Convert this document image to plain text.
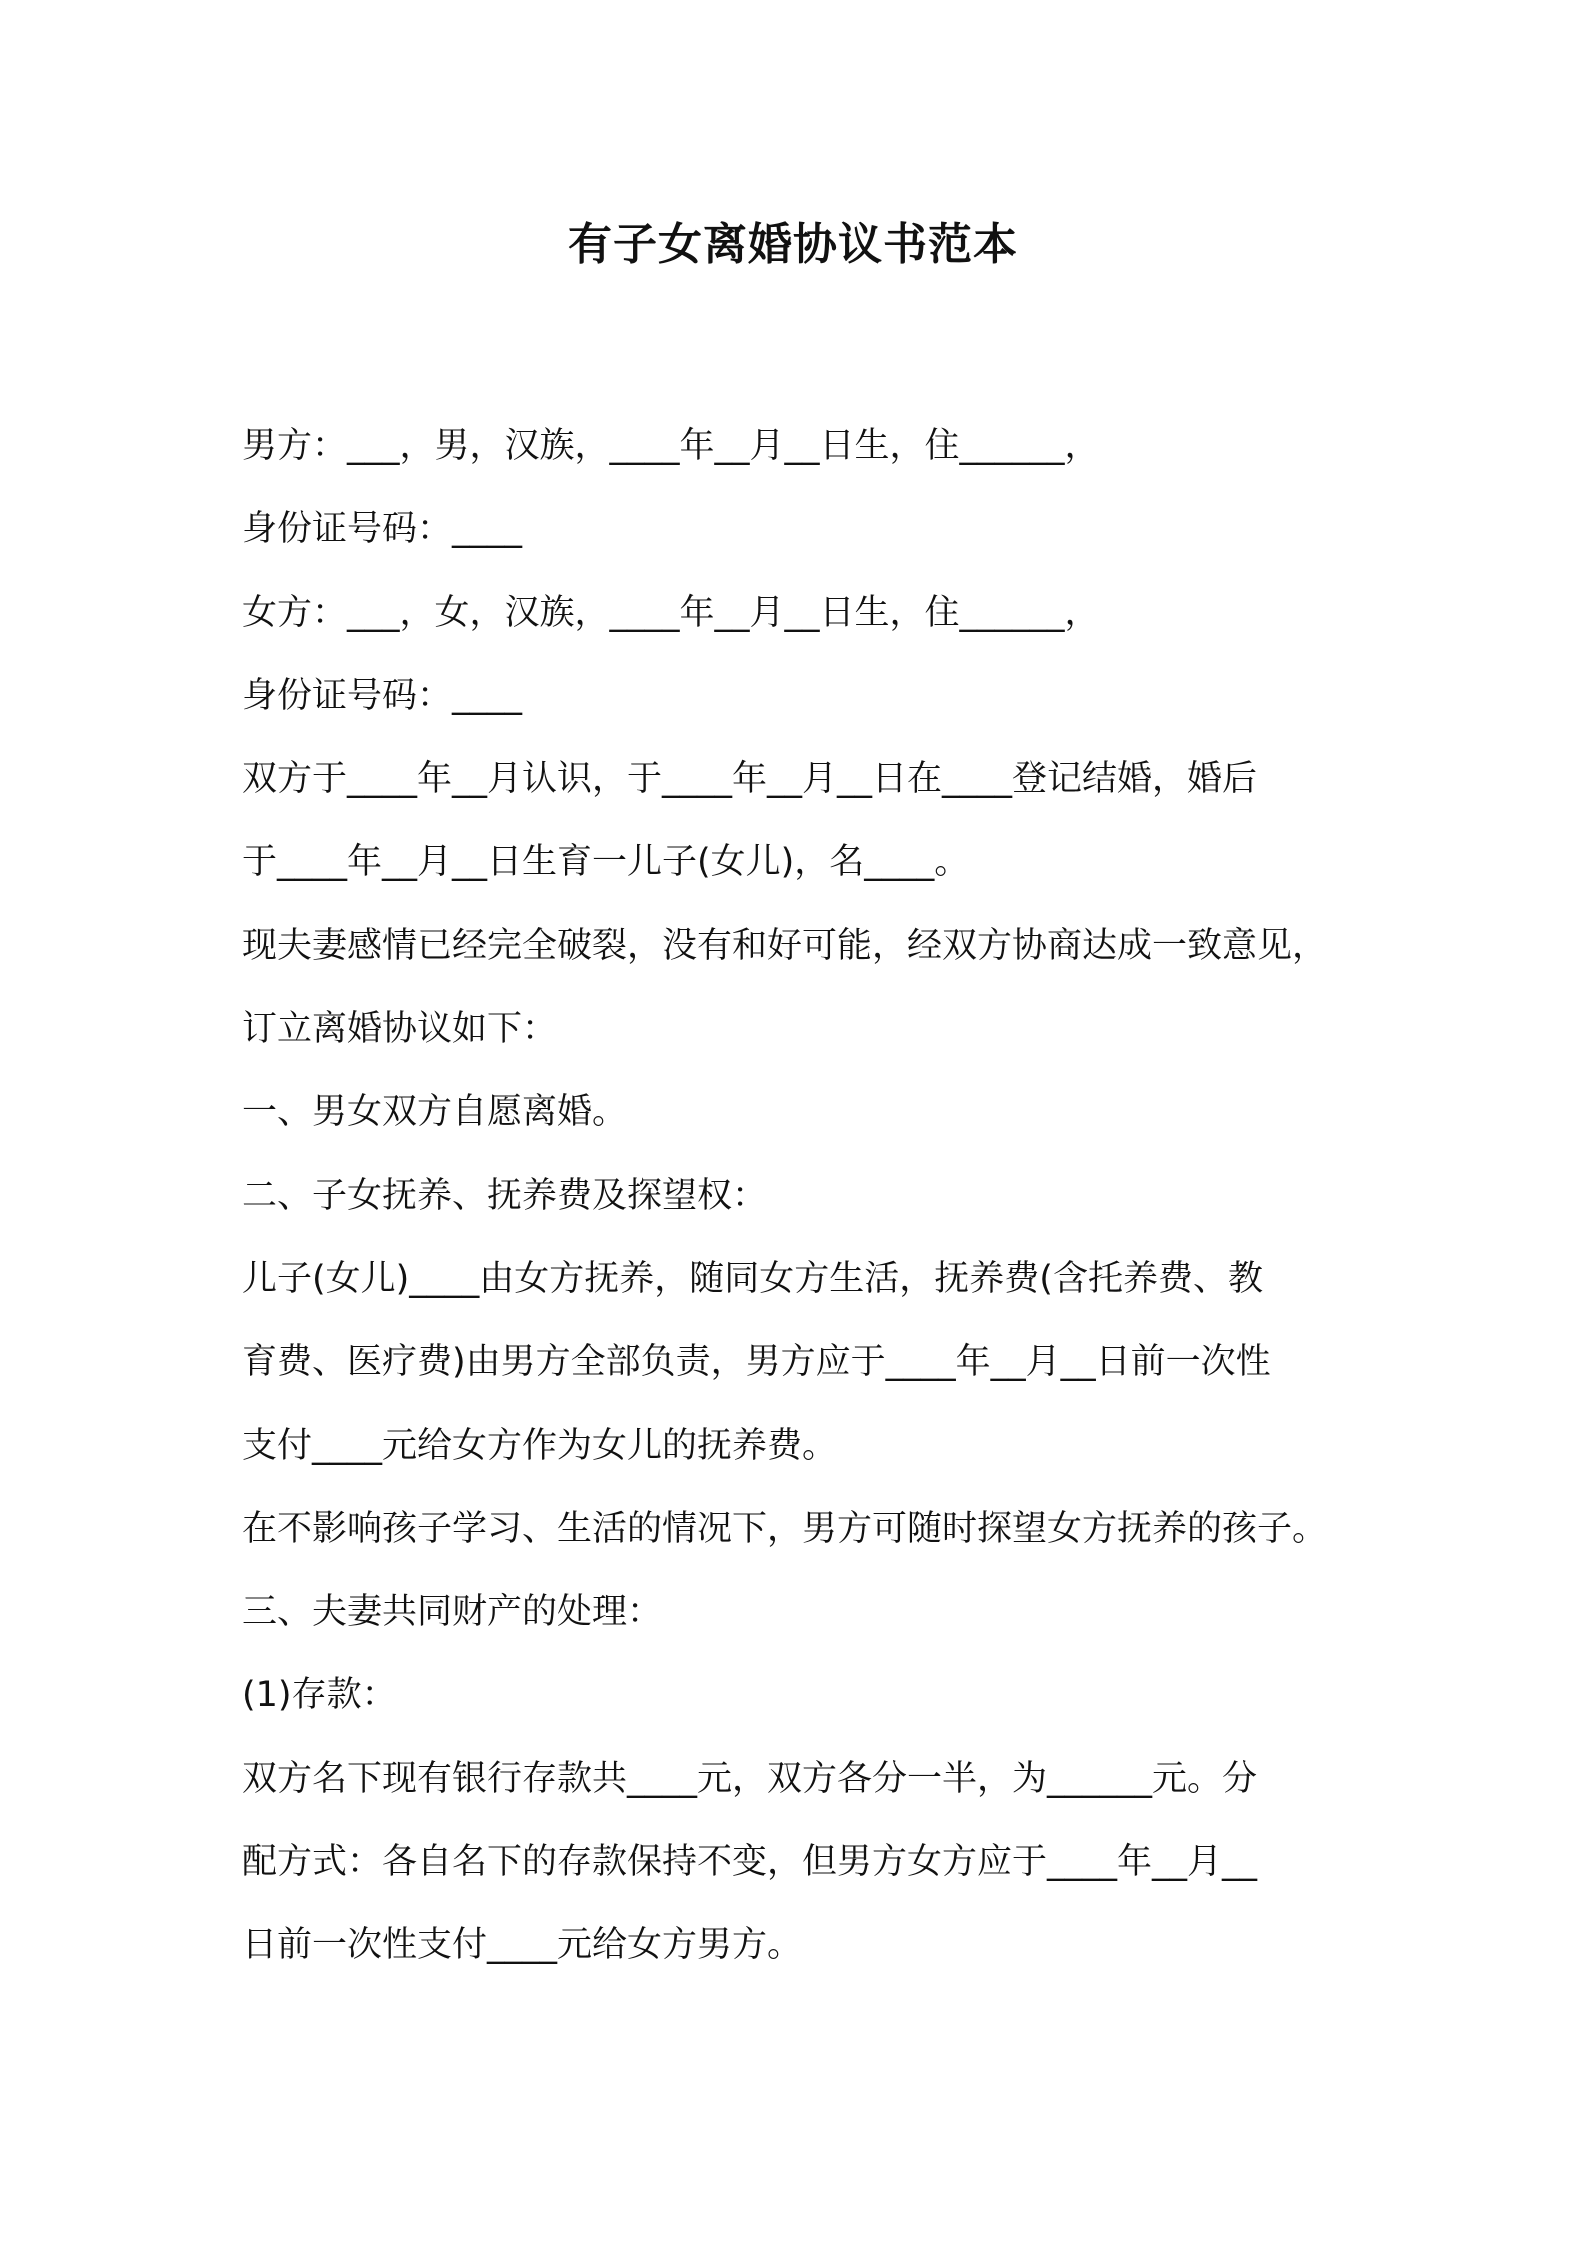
有子女离婚协议书范本

男方：___，男，汉族，____年__月__日生，住______，

身份证号码：____

女方：___，女，汉族，____年__月__日生，住______，

身份证号码：____

双方于____年__月认识，于____年__月__日在____登记结婚，婚后

于____年__月__日生育一儿子(女儿)，名____。

现夫妻感情已经完全破裂，没有和好可能，经双方协商达成一致意见，

订立离婚协议如下：

一、男女双方自愿离婚。

二、子女抚养、抚养费及探望权：

儿子(女儿)____由女方抚养，随同女方生活，抚养费(含托养费、教

育费、医疗费)由男方全部负责，男方应于____年__月__日前一次性

支付____元给女方作为女儿的抚养费。

在不影响孩子学习、生活的情况下，男方可随时探望女方抚养的孩子。

三、夫妻共同财产的处理：

(1)存款：

双方名下现有银行存款共____元，双方各分一半，为______元。分

配方式：各自名下的存款保持不变，但男方女方应于____年__月__

日前一次性支付____元给女方男方。
